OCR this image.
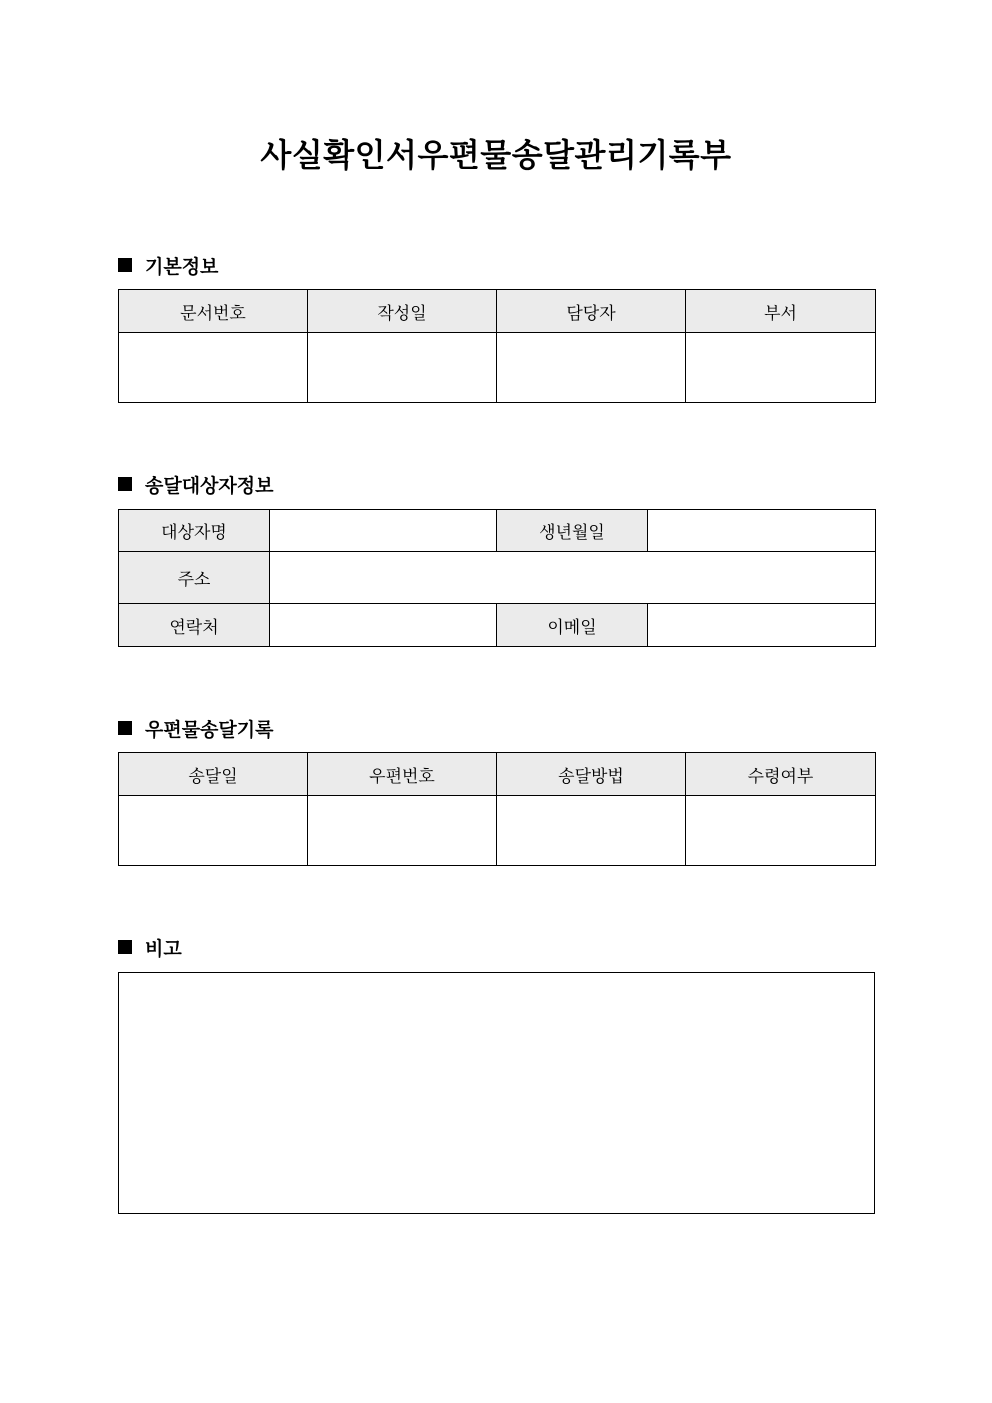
사실확인서우편물송달관리기록부
기본정보
문서번호	작성일	담당자	부서

송달대상자정보
대상자명		생년월일	
주소			
연락처		이메일	
우편물송달기록
송달일	우편번호	송달방법	수령여부

비고
